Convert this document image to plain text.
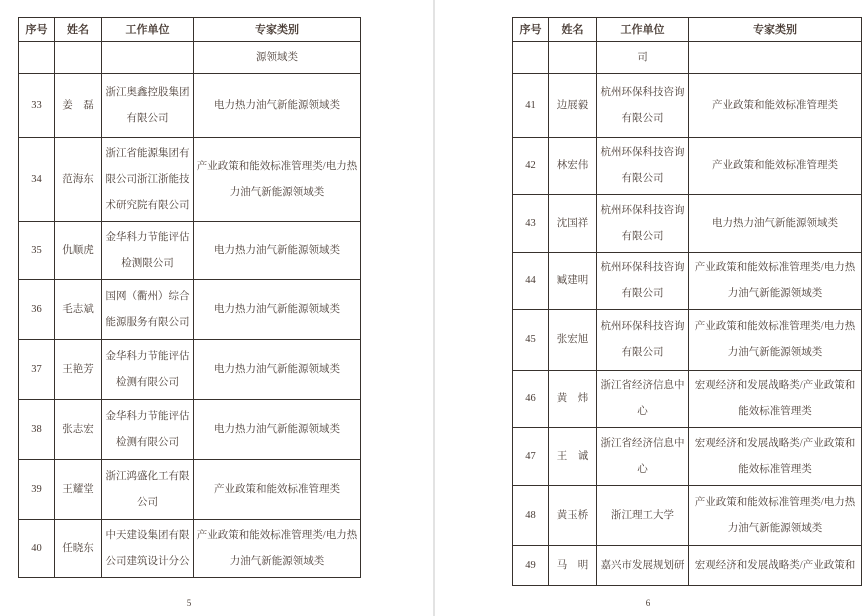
序号	姓名	工作单位	专家类别
			源领域类
33	姜　磊	浙江奥鑫控股集团
有限公司	电力热力油气新能源领域类
34	范海东	浙江省能源集团有
限公司浙江浙能技
术研究院有限公司	产业政策和能效标准管理类/电力热
力油气新能源领域类
35	仇顺虎	金华科力节能评估
检测限公司	电力热力油气新能源领域类
36	毛志斌	国网（衢州）综合
能源服务有限公司	电力热力油气新能源领域类
37	王艳芳	金华科力节能评估
检测有限公司	电力热力油气新能源领域类
38	张志宏	金华科力节能评估
检测有限公司	电力热力油气新能源领域类
39	王耀堂	浙江鸿盛化工有限
公司	产业政策和能效标准管理类
40	任晓东	中天建设集团有限
公司建筑设计分公	产业政策和能效标准管理类/电力热
力油气新能源领域类
5
序号	姓名	工作单位	专家类别
		司	
41	边展毅	杭州环保科技咨询
有限公司	产业政策和能效标准管理类
42	林宏伟	杭州环保科技咨询
有限公司	产业政策和能效标准管理类
43	沈国祥	杭州环保科技咨询
有限公司	电力热力油气新能源领域类
44	臧建明	杭州环保科技咨询
有限公司	产业政策和能效标准管理类/电力热
力油气新能源领域类
45	张宏旭	杭州环保科技咨询
有限公司	产业政策和能效标准管理类/电力热
力油气新能源领域类
46	黄　炜	浙江省经济信息中
心	宏观经济和发展战略类/产业政策和
能效标准管理类
47	王　诚	浙江省经济信息中
心	宏观经济和发展战略类/产业政策和
能效标准管理类
48	黄玉桥	浙江理工大学	产业政策和能效标准管理类/电力热
力油气新能源领域类
49	马　明	嘉兴市发展规划研	宏观经济和发展战略类/产业政策和
6
